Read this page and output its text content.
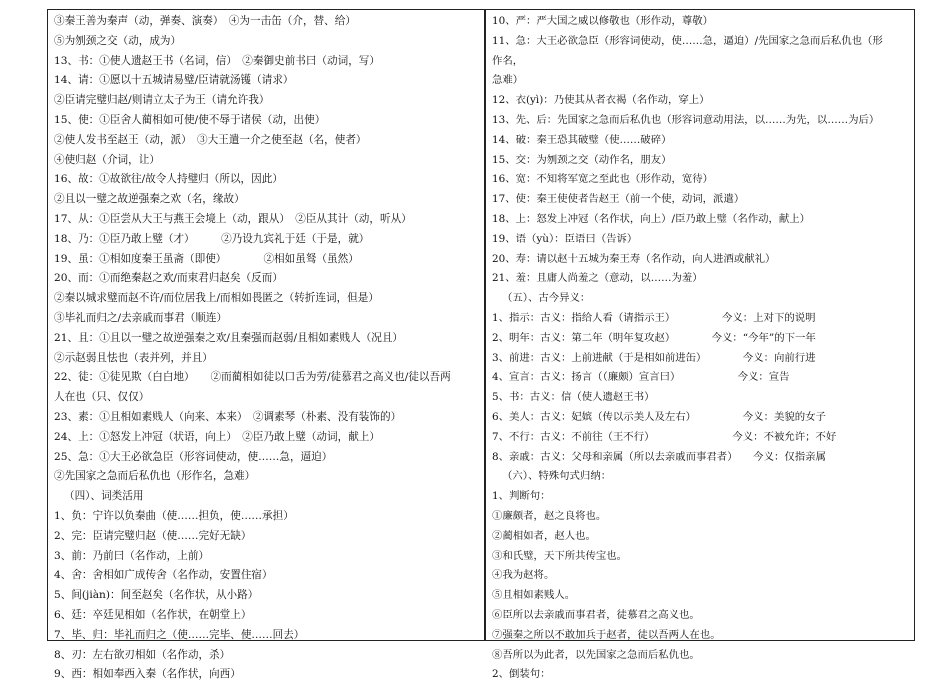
③秦王善为秦声（动，弹奏、演奏）　④为一击缶（介，替、给）
⑤为刎颈之交（动，成为）
13、书：①使人遗赵王书（名词，信）　②秦御史前书曰（动词，写）
14、请：①愿以十五城请易璧/臣请就汤镬（请求）
②臣请完璧归赵/则请立太子为王（请允许我）
15、使：①臣舍人蔺相如可使/使不辱于诸侯（动，出使）
②使人发书至赵王（动，派）　③大王遣一介之使至赵（名，使者）
④使归赵（介词，让）
16、故：①故欲往/故令人持璧归（所以，因此）
②且以一璧之故逆强秦之欢（名，缘故）
17、从：①臣尝从大王与燕王会境上（动，跟从）　②臣从其计（动，听从）
18、乃：①臣乃敢上璧（才）　　　②乃设九宾礼于廷（于是，就）
19、虽：①相如度秦王虽斋（即使）　　　　②相如虽驽（虽然）
20、而：①而绝秦赵之欢/而束君归赵矣（反而）
②秦以城求璧而赵不许/而位居我上/而相如畏匿之（转折连词，但是）
③毕礼而归之/去亲戚而事君（顺连）
21、且：①且以一璧之故逆强秦之欢/且秦强而赵弱/且相如素贱人（况且）
②示赵弱且怯也（表并列，并且）
22、徒：①徒见欺（白白地）　　②而蔺相如徒以口舌为劳/徒慕君之高义也/徒以吾两
人在也（只、仅仅）
23、素：①且相如素贱人（向来、本来）　②调素琴（朴素、没有装饰的）
24、上：①怒发上冲冠（状语，向上）　②臣乃敢上璧（动词，献上）
25、急：①大王必欲急臣（形容词使动，使……急，逼迫）
②先国家之急而后私仇也（形作名，急难）
（四）、词类活用
1、负：宁许以负秦曲（使……担负，使……承担）
2、完：臣请完璧归赵（使……完好无缺）
3、前：乃前曰（名作动，上前）
4、舍：舍相如广成传舍（名作动，安置住宿）
5、间(jiàn)：间至赵矣（名作状，从小路）
6、廷：卒廷见相如（名作状，在朝堂上）
7、毕、归：毕礼而归之（使……完毕、使……回去）
8、刃：左右欲刃相如（名作动，杀）
9、西：相如奉西入秦（名作状，向西）
10、严：严大国之威以修敬也（形作动，尊敬）
11、急：大王必欲急臣（形容词使动，使……急，逼迫）/先国家之急而后私仇也（形
作名，
急难）
12、衣(yì)：乃使其从者衣褐（名作动，穿上）
13、先、后：先国家之急而后私仇也（形容词意动用法，以……为先，以……为后）
14、破：秦王恐其破璧（使……破碎）
15、交：为刎颈之交（动作名，朋友）
16、宽：不知将军宽之至此也（形作动，宽待）
17、使：秦王使使者告赵王（前一个使，动词，派遣）
18、上：怒发上冲冠（名作状，向上）/臣乃敢上璧（名作动，献上）
19、语（yù）：臣语曰（告诉）
20、寿：请以赵十五城为秦王寿（名作动，向人进酒或献礼）
21、羞：且庸人尚羞之（意动，以……为羞）
（五）、古今异义：
1、指示：古义：指给人看（请指示王）　　　　　今义：上对下的说明
2、明年：古义：第二年（明年复攻赵）　　　　今义：“今年”的下一年
3、前进：古义：上前进献（于是相如前进缶）　　　　今义：向前行进
4、宣言：古义：扬言（（廉颇）宣言曰）　　　　　　今义：宣告
5、书：古义：信（使人遗赵王书）
6、美人：古义：妃嫔（传以示美人及左右）　　　　　今义：美貌的女子
7、不行：古义：不前往（王不行）　　　　　　　　今义：不被允许；不好
8、亲戚：古义：父母和亲属（所以去亲戚而事君者）　　今义：仅指亲属
（六）、特殊句式归纳：
1、判断句：
①廉颇者，赵之良将也。
②蔺相如者，赵人也。
③和氏璧，天下所共传宝也。
④我为赵将。
⑤且相如素贱人。
⑥臣所以去亲戚而事君者，徒慕君之高义也。
⑦强秦之所以不敢加兵于赵者，徒以吾两人在也。
⑧吾所以为此者，以先国家之急而后私仇也。
2、倒装句：
